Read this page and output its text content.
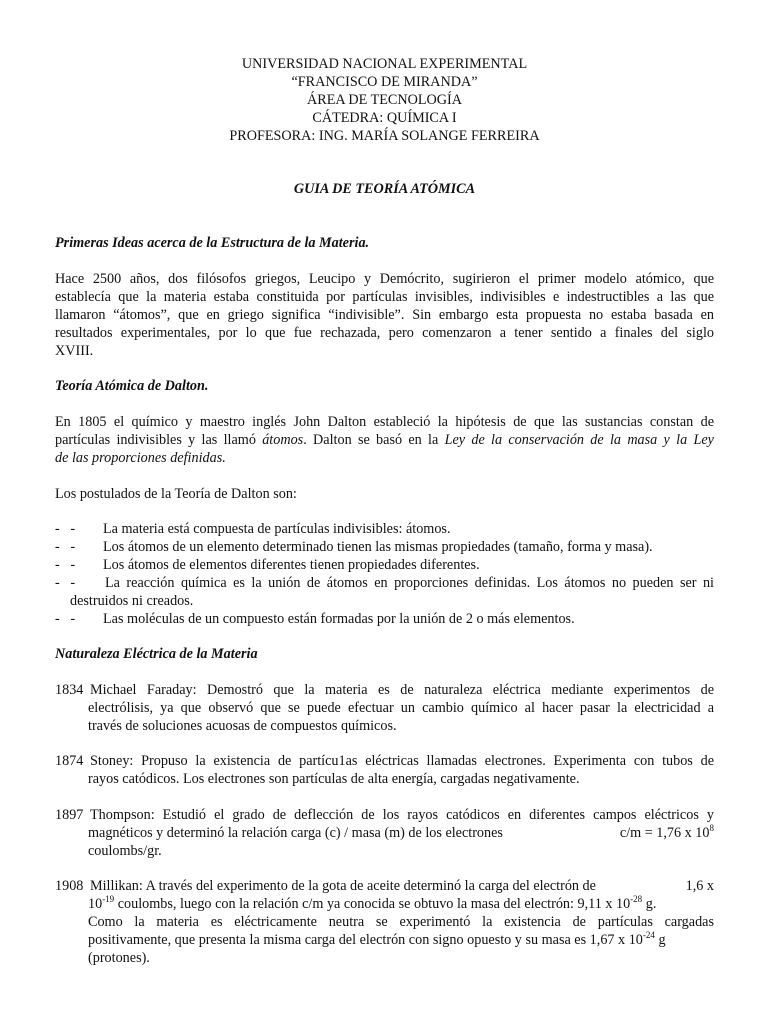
UNIVERSIDAD NACIONAL EXPERIMENTAL
“FRANCISCO DE MIRANDA”
ÁREA DE TECNOLOGÍA
CÁTEDRA: QUÍMICA I
PROFESORA: ING. MARÍA SOLANGE FERREIRA
GUIA DE TEORÍA ATÓMICA
Primeras Ideas acerca de la Estructura de la Materia.
Hace 2500 años, dos filósofos griegos, Leucipo y Demócrito, sugirieron el primer modelo atómico, que
establecía que la materia estaba constituida por partículas invisibles, indivisibles e indestructibles a las que
llamaron “átomos”, que en griego significa “indivisible”. Sin embargo esta propuesta no estaba basada en
resultados experimentales, por lo que fue rechazada, pero comenzaron a tener sentido a finales del siglo
XVIII.
Teoría Atómica de Dalton.
En 1805 el químico y maestro inglés John Dalton estableció la hipótesis de que las sustancias constan de
partículas indivisibles y las llamó átomos. Dalton se basó en la Ley de la conservación de la masa y la Ley
de las proporciones definidas.
Los postulados de la Teoría de Dalton son:
-   -	La materia está compuesta de partículas indivisibles: átomos.
-   -	Los átomos de un elemento determinado tienen las mismas propiedades (tamaño, forma y masa).
-   -	Los átomos de elementos diferentes tienen propiedades diferentes.
-   -	La reacción química es la unión de átomos en proporciones definidas. Los átomos no pueden ser ni
destruidos ni creados.
-   -	Las moléculas de un compuesto están formadas por la unión de 2 o más elementos.
Naturaleza Eléctrica de la Materia
1834 Michael Faraday: Demostró que la materia es de naturaleza eléctrica mediante experimentos de
electrólisis, ya que observó que se puede efectuar un cambio químico al hacer pasar la electricidad a
través de soluciones acuosas de compuestos químicos.
1874 Stoney: Propuso la existencia de partícu1as eléctricas llamadas electrones. Experimenta con tubos de
rayos catódicos. Los electrones son partículas de alta energía, cargadas negativamente.
1897 Thompson: Estudió el grado de deflección de los rayos catódicos en diferentes campos eléctricos y
magnéticos y determinó la relación carga (c) / masa (m) de los electrones	c/m = 1,76 x $10^8$
coulombs/gr.
1908 Millikan: A través del experimento de la gota de aceite determinó la carga del electrón de	1,6 x
$10^{-19}$ coulombs, luego con la relación c/m ya conocida se obtuvo la masa del electrón: 9,11 x $10^{-28}$ g.
Como la materia es eléctricamente neutra se experimentó la existencia de partículas cargadas
positivamente, que presenta la misma carga del electrón con signo opuesto y su masa es 1,67 x $10^{-24}$ g
(protones).
